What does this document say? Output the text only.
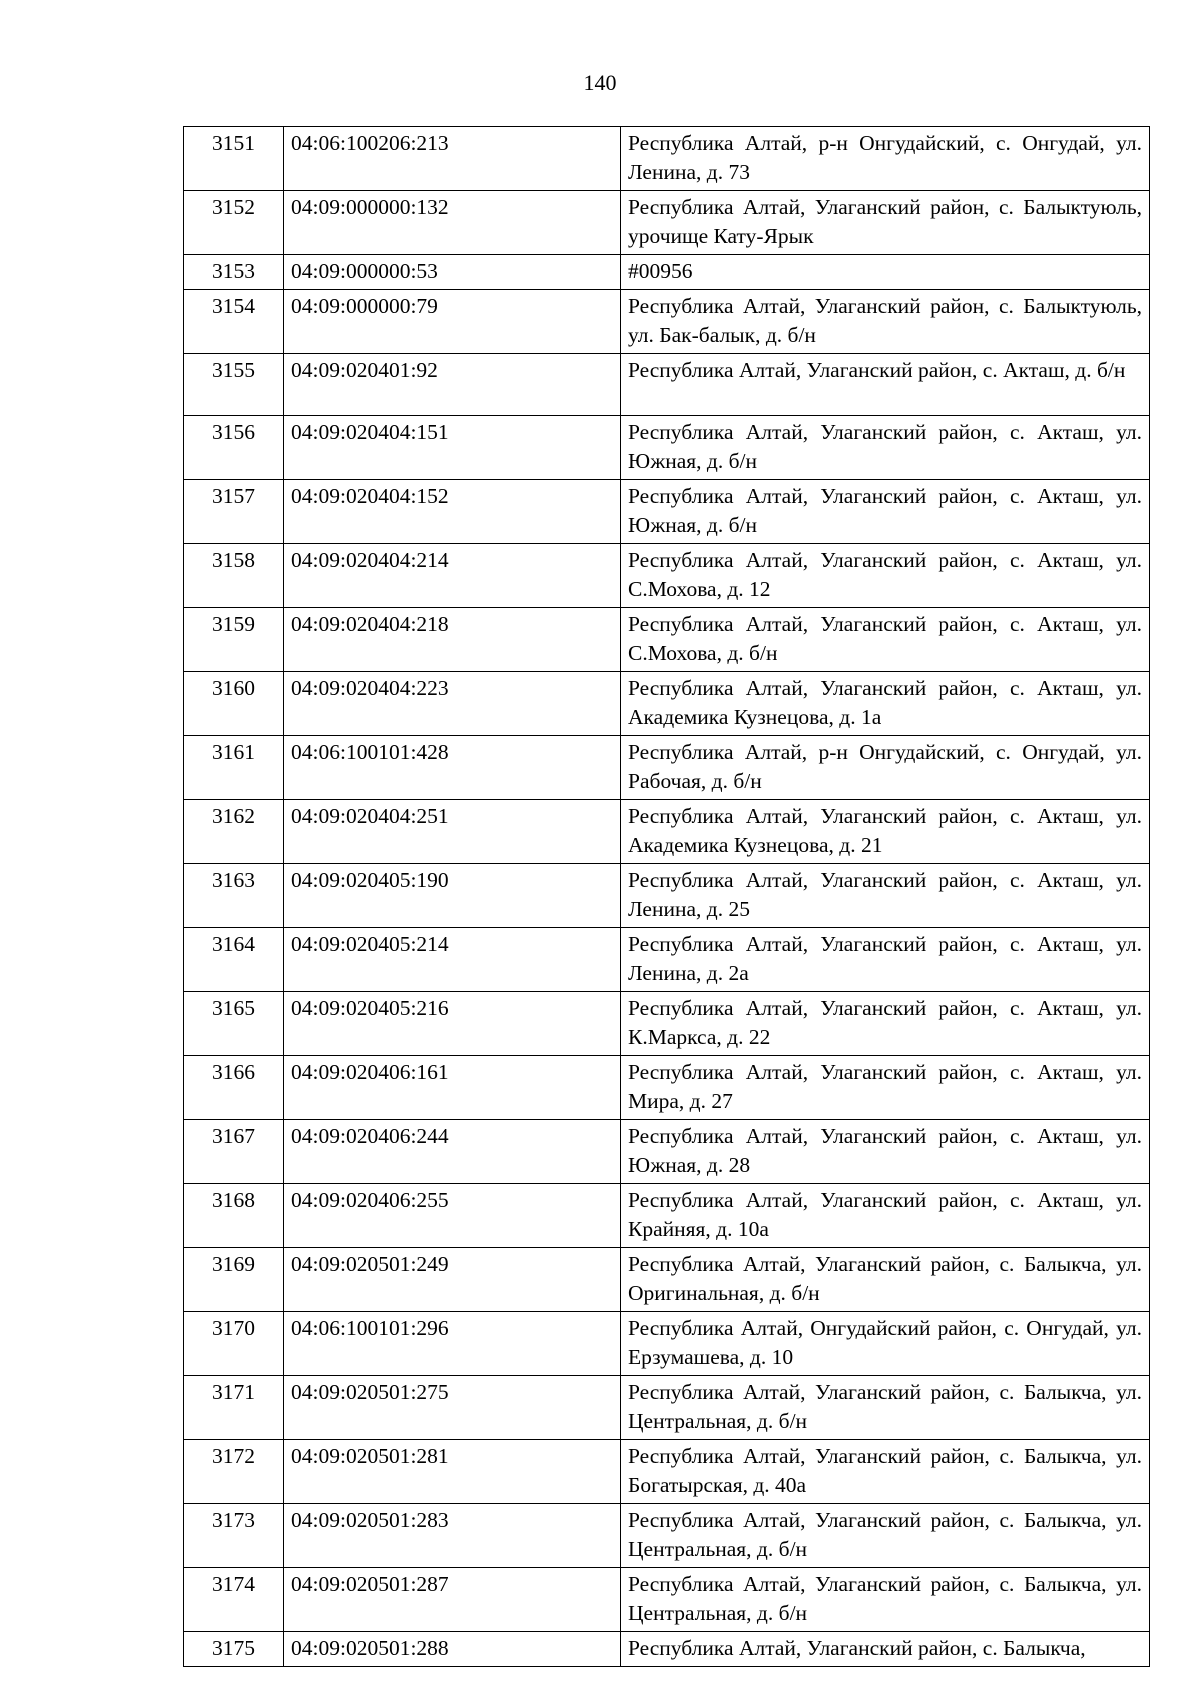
140
3151	04:06:100206:213	Республика Алтай, р-н Онгудайский, с. Онгудай, ул. Ленина, д. 73
3152	04:09:000000:132	Республика Алтай, Улаганский район, с. Балыктуюль, урочище Кату-Ярык
3153	04:09:000000:53	#00956
3154	04:09:000000:79	Республика Алтай, Улаганский район, с. Балыктуюль, ул. Бак-балык, д. б/н
3155	04:09:020401:92	Республика Алтай, Улаганский район, с. Акташ, д. б/н
3156	04:09:020404:151	Республика Алтай, Улаганский район, с. Акташ, ул. Южная, д. б/н
3157	04:09:020404:152	Республика Алтай, Улаганский район, с. Акташ, ул. Южная, д. б/н
3158	04:09:020404:214	Республика Алтай, Улаганский район, с. Акташ, ул. С.Мохова, д. 12
3159	04:09:020404:218	Республика Алтай, Улаганский район, с. Акташ, ул. С.Мохова, д. б/н
3160	04:09:020404:223	Республика Алтай, Улаганский район, с. Акташ, ул. Академика Кузнецова, д. 1а
3161	04:06:100101:428	Республика Алтай, р-н Онгудайский, с. Онгудай, ул. Рабочая, д. б/н
3162	04:09:020404:251	Республика Алтай, Улаганский район, с. Акташ, ул. Академика Кузнецова, д. 21
3163	04:09:020405:190	Республика Алтай, Улаганский район, с. Акташ, ул. Ленина, д. 25
3164	04:09:020405:214	Республика Алтай, Улаганский район, с. Акташ, ул. Ленина, д. 2а
3165	04:09:020405:216	Республика Алтай, Улаганский район, с. Акташ, ул. К.Маркса, д. 22
3166	04:09:020406:161	Республика Алтай, Улаганский район, с. Акташ, ул. Мира, д. 27
3167	04:09:020406:244	Республика Алтай, Улаганский район, с. Акташ, ул. Южная, д. 28
3168	04:09:020406:255	Республика Алтай, Улаганский район, с. Акташ, ул. Крайняя, д. 10а
3169	04:09:020501:249	Республика Алтай, Улаганский район, с. Балыкча, ул. Оригинальная, д. б/н
3170	04:06:100101:296	Республика Алтай, Онгудайский район, с. Онгудай, ул. Ерзумашева, д. 10
3171	04:09:020501:275	Республика Алтай, Улаганский район, с. Балыкча, ул. Центральная, д. б/н
3172	04:09:020501:281	Республика Алтай, Улаганский район, с. Балыкча, ул. Богатырская, д. 40а
3173	04:09:020501:283	Республика Алтай, Улаганский район, с. Балыкча, ул. Центральная, д. б/н
3174	04:09:020501:287	Республика Алтай, Улаганский район, с. Балыкча, ул. Центральная, д. б/н
3175	04:09:020501:288	Республика Алтай, Улаганский район, с. Балыкча,
